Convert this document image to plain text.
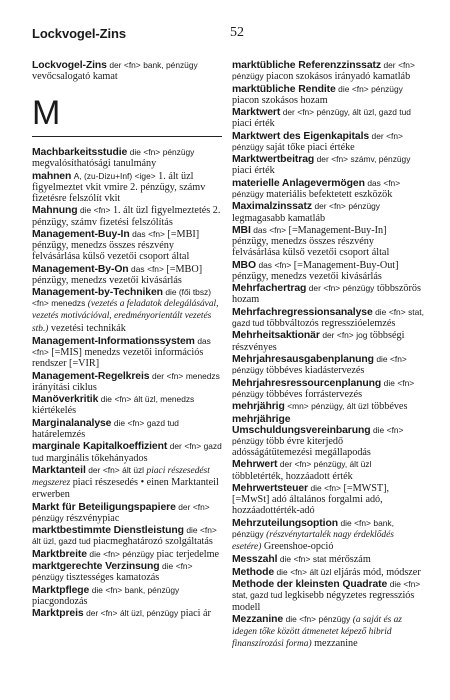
Lockvogel-Zins	52
Lockvogel-Zins der <fn> bank, pénzügy vevőcsalogató kamat
M
Machbarkeitsstudie die <fn> pénzügy megvalósíthatósági tanulmány
mahnen A, (zu-Dizu+Inf) <ige> 1. ált üzl figyelmeztet vkit vmire 2. pénzügy, számv fizetésre felszólít vkit
Mahnung die <fn> 1. ált üzl figyelmeztetés 2. pénzügy, számv fizetési felszólítás
Management-Buy-In das <fn> [=MBI] pénzügy, menedzs összes részvény felvásárlása külső vezetői csoport által
Management-By-On das <fn> [=MBO] pénzügy, menedzs vezetői kivásárlás
Management-by-Techniken die (fői tbsz) <fn> menedzs (vezetés a feladatok delegálásával, vezetés motivációval, eredményorientált vezetés stb.) vezetési technikák
Management-Informationssystem das <fn> [=MIS] menedzs vezetői információs rendszer [=VIR]
Management-Regelkreis der <fn> menedzs irányítási ciklus
Manöverkritik die <fn> ált üzl, menedzs kiértékelés
Marginalanalyse die <fn> gazd tud határelemzés
marginale Kapitalkoeffizient der <fn> gazd tud marginális tőkehányados
Marktanteil der <fn> ált üzl piaci részesedést megszerez piaci részesedés • einen Marktanteil erwerben
Markt für Beteiligungspapiere der <fn> pénzügy részvénypiac
marktbestimmte Dienstleistung die <fn> ált üzl, gazd tud piacmeghatározó szolgáltatás
Marktbreite die <fn> pénzügy piac terjedelme
marktgerechte Verzinsung die <fn> pénzügy tisztességes kamatozás
Marktpflege die <fn> bank, pénzügy piacgondozás
Marktpreis der <fn> ált üzl, pénzügy piaci ár
marktübliche Referenzzinssatz der <fn> pénzügy piacon szokásos irányadó kamatláb
marktübliche Rendite die <fn> pénzügy piacon szokásos hozam
Marktwert der <fn> pénzügy, ált üzl, gazd tud piaci érték
Marktwert des Eigenkapitals der <fn> pénzügy saját tőke piaci értéke
Marktwertbeitrag der <fn> számv, pénzügy piaci érték
materielle Anlagevermögen das <fn> pénzügy materiális befektetett eszközök
Maximalzinssatz der <fn> pénzügy legmagasabb kamatláb
MBI das <fn> [=Management-Buy-In] pénzügy, menedzs összes részvény felvásárlása külső vezetői csoport által
MBO das <fn> [=Management-Buy-Out] pénzügy, menedzs vezetői kivásárlás
Mehrfachertrag der <fn> pénzügy többszörös hozam
Mehrfachregressionsanalyse die <fn> stat, gazd tud többváltozós regresszióelemzés
Mehrheitsaktionär der <fn> jog többségi részvényes
Mehrjahresausgabenplanung die <fn> pénzügy többéves kiadástervezés
Mehrjahresressourcenplanung die <fn> pénzügy többéves forrástervezés
mehrjährig <mn> pénzügy, ált üzl többéves
mehrjährige Umschuldungsvereinbarung die <fn> pénzügy több évre kiterjedő adósságátütemezési megállapodás
Mehrwert der <fn> pénzügy, ált üzl többletérték, hozzáadott érték
Mehrwertsteuer die <fn> [=MWST], [=MwSt] adó általános forgalmi adó, hozzáadottérték-adó
Mehrzuteilungsoption die <fn> bank, pénzügy (részvénytartalék nagy érdeklődés esetére) Greenshoe-opció
Messzahl die <fn> stat mérőszám
Methode die <fn> ált üzl eljárás mód, módszer
Methode der kleinsten Quadrate die <fn> stat, gazd tud legkisebb négyzetes regressziós modell
Mezzanine die <fn> pénzügy (a saját és az idegen tőke között átmenetet képező hibrid finanszírozási forma) mezzanine
